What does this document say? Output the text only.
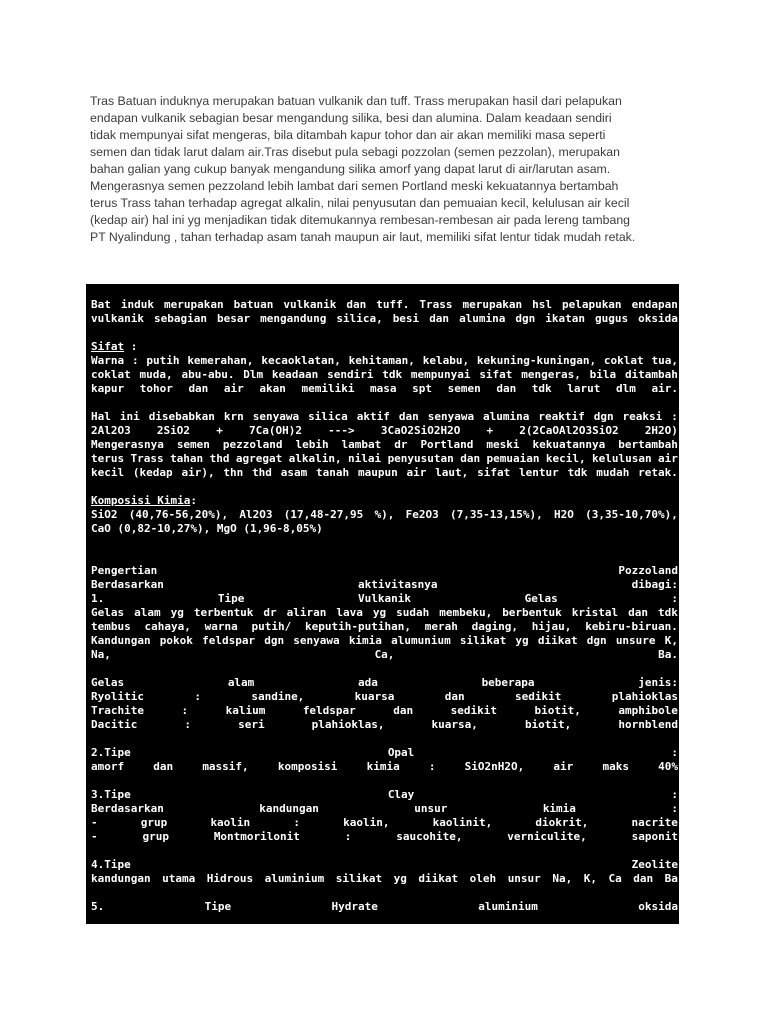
Tras Batuan induknya merupakan batuan vulkanik dan tuff. Trass merupakan hasil dari pelapukan
endapan vulkanik sebagian besar mengandung silika, besi dan alumina. Dalam keadaan sendiri
tidak mempunyai sifat mengeras, bila ditambah kapur tohor dan air akan memiliki masa seperti
semen dan tidak larut dalam air.Tras disebut pula sebagi pozzolan (semen pezzolan), merupakan
bahan galian yang cukup banyak mengandung silika amorf yang dapat larut di air/larutan asam.
Mengerasnya semen pezzoland lebih lambat dari semen Portland meski kekuatannya bertambah
terus Trass tahan terhadap agregat alkalin, nilai penyusutan dan pemuaian kecil, kelulusan air kecil
(kedap air) hal ini yg menjadikan tidak ditemukannya rembesan-rembesan air pada lereng tambang
PT Nyalindung , tahan terhadap asam tanah maupun air laut, memiliki sifat lentur tidak mudah retak.
Bat induk merupakan batuan vulkanik dan tuff. Trass merupakan hsl pelapukan endapan
vulkanik sebagian besar mengandung silica, besi dan alumina dgn ikatan gugus oksida
Sifat :
Warna : putih kemerahan, kecaoklatan, kehitaman, kelabu, kekuning-kuningan, coklat tua,
coklat muda, abu-abu. Dlm keadaan sendiri tdk mempunyai sifat mengeras, bila ditambah
kapur tohor dan air akan memiliki masa spt semen dan tdk larut dlm air.
Hal ini disebabkan krn senyawa silica aktif dan senyawa alumina reaktif dgn reaksi :
2Al2O3 2SiO2 + 7Ca(OH)2 ---> 3CaO2SiO2H2O + 2(2CaOAl2O3SiO2 2H2O)
Mengerasnya semen pezzoland lebih lambat dr Portland meski kekuatannya bertambah
terus Trass tahan thd agregat alkalin, nilai penyusutan dan pemuaian kecil, kelulusan air
kecil (kedap air), thn thd asam tanah maupun air laut, sifat lentur tdk mudah retak.
Komposisi Kimia:
SiO2 (40,76-56,20%), Al2O3 (17,48-27,95 %), Fe2O3 (7,35-13,15%), H2O (3,35-10,70%),
CaO (0,82-10,27%), MgO (1,96-8,05%)
Pengertian	Pozzoland
Berdasarkan	aktivitasnya	dibagi:
1.	Tipe	Vulkanik	Gelas	:
Gelas alam yg terbentuk dr aliran lava yg sudah membeku, berbentuk kristal dan tdk
tembus cahaya, warna putih/ keputih-putihan, merah daging, hijau, kebiru-biruan.
Kandungan pokok feldspar dgn senyawa kimia alumunium silikat yg diikat dgn unsure K,
Na,	Ca,	Ba.
Gelas	alam	ada	beberapa	jenis:
Ryolitic	:	sandine,	kuarsa	dan	sedikit	plahioklas
Trachite	:	kalium	feldspar	dan	sedikit	biotit,	amphibole
Dacitic	:	seri	plahioklas,	kuarsa,	biotit,	hornblend
2.Tipe	Opal	:
amorf	dan	massif,	komposisi	kimia	:	SiO2nH2O,	air	maks	40%
3.Tipe	Clay	:
Berdasarkan	kandungan	unsur	kimia	:
-	grup	kaolin	:	kaolin,	kaolinit,	diokrit,	nacrite
-	grup	Montmorilonit	:	saucohite,	verniculite,	saponit
4.Tipe	Zeolite
kandungan utama Hidrous aluminium silikat yg diikat oleh unsur Na, K, Ca dan Ba
5.	Tipe	Hydrate	aluminium	oksida
